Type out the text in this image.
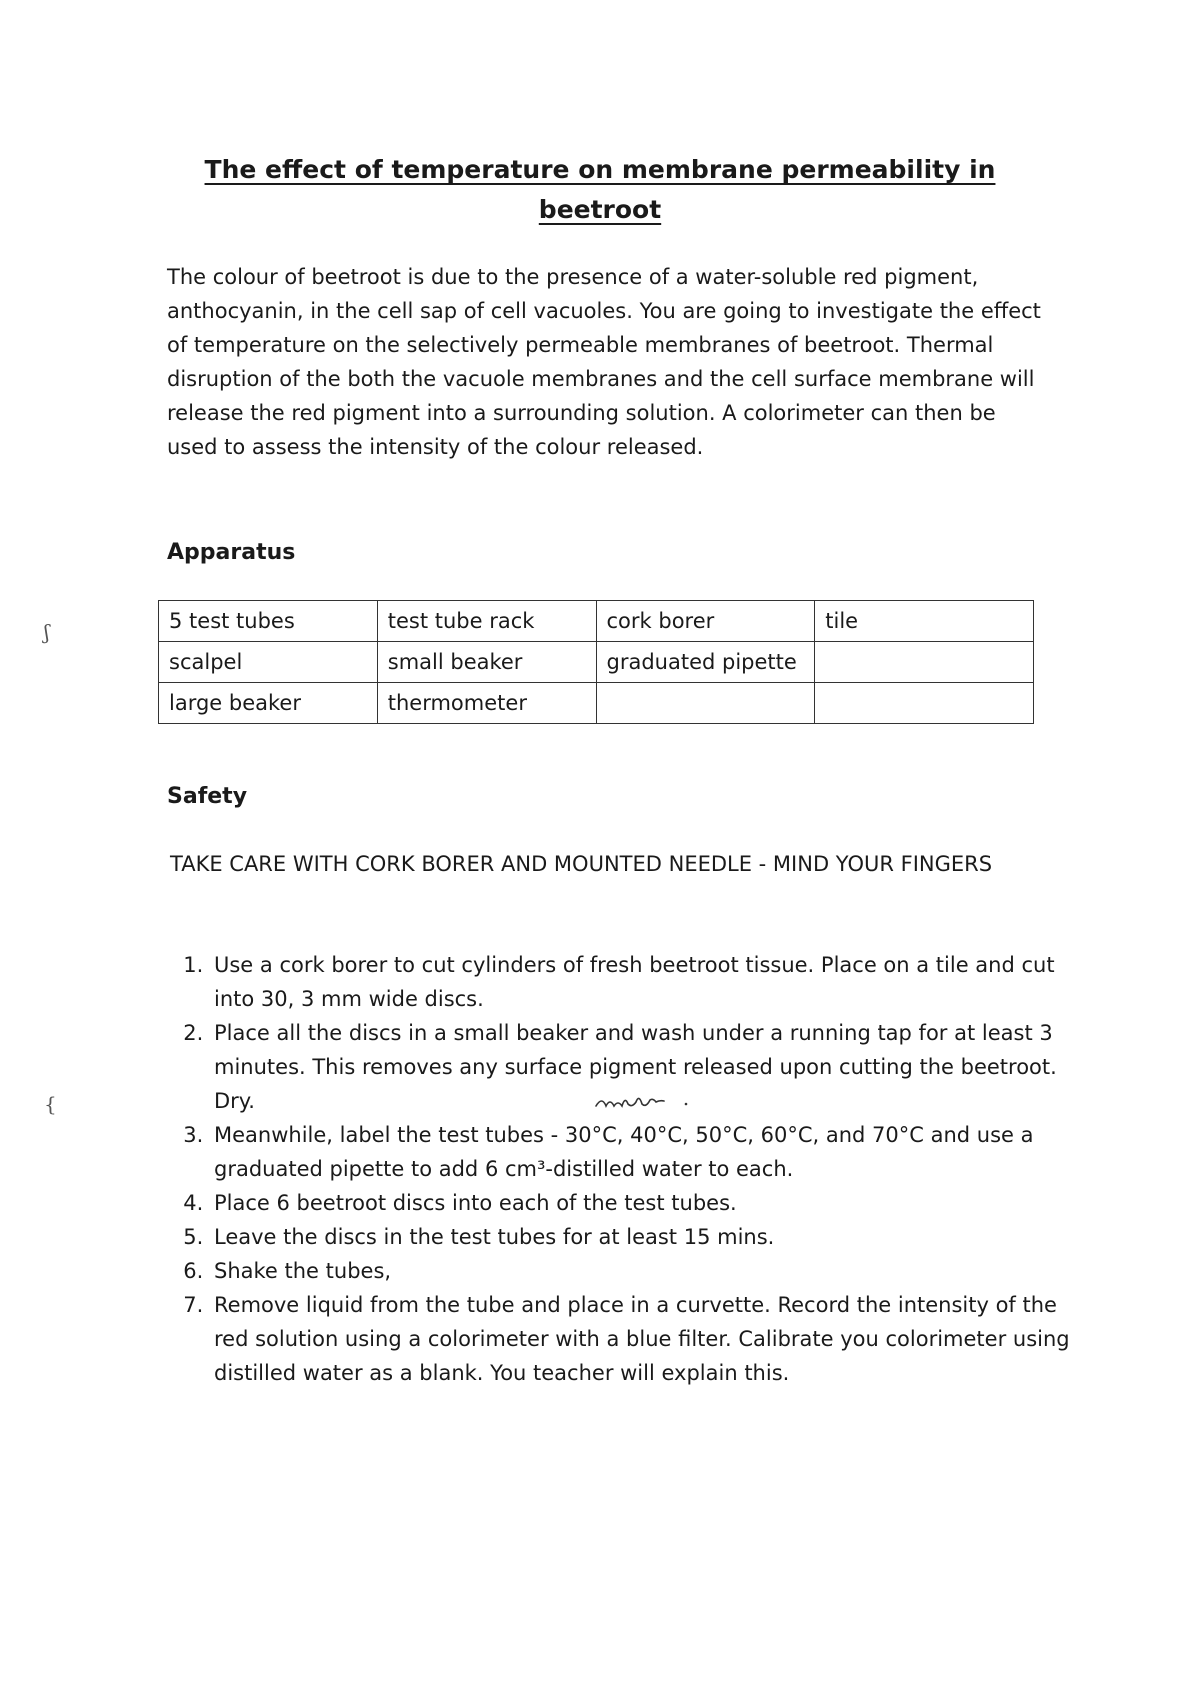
The effect of temperature on membrane permeability in
beetroot

The colour of beetroot is due to the presence of a water-soluble red pigment, anthocyanin, in the cell sap of cell vacuoles. You are going to investigate the effect of temperature on the selectively permeable membranes of beetroot. Thermal disruption of the both the vacuole membranes and the cell surface membrane will release the red pigment into a surrounding solution. A colorimeter can then be used to assess the intensity of the colour released.

Apparatus
5 test tubes	test tube rack	cork borer	tile
scalpel	small beaker	graduated pipette	
large beaker	thermometer		
Safety

TAKE CARE WITH CORK BORER AND MOUNTED NEEDLE - MIND YOUR FINGERS

1. Use a cork borer to cut cylinders of fresh beetroot tissue. Place on a tile and cut into 30, 3 mm wide discs.
2. Place all the discs in a small beaker and wash under a running tap for at least 3 minutes. This removes any surface pigment released upon cutting the beetroot. Dry.
3. Meanwhile, label the test tubes - 30°C, 40°C, 50°C, 60°C, and 70°C and use a graduated pipette to add 6 cm³-distilled water to each.
4. Place 6 beetroot discs into each of the test tubes.
5. Leave the discs in the test tubes for at least 15 mins.
6. Shake the tubes,
7. Remove liquid from the tube and place in a curvette. Record the intensity of the red solution using a colorimeter with a blue filter. Calibrate you colorimeter using distilled water as a blank. You teacher will explain this.
ʃ
{
